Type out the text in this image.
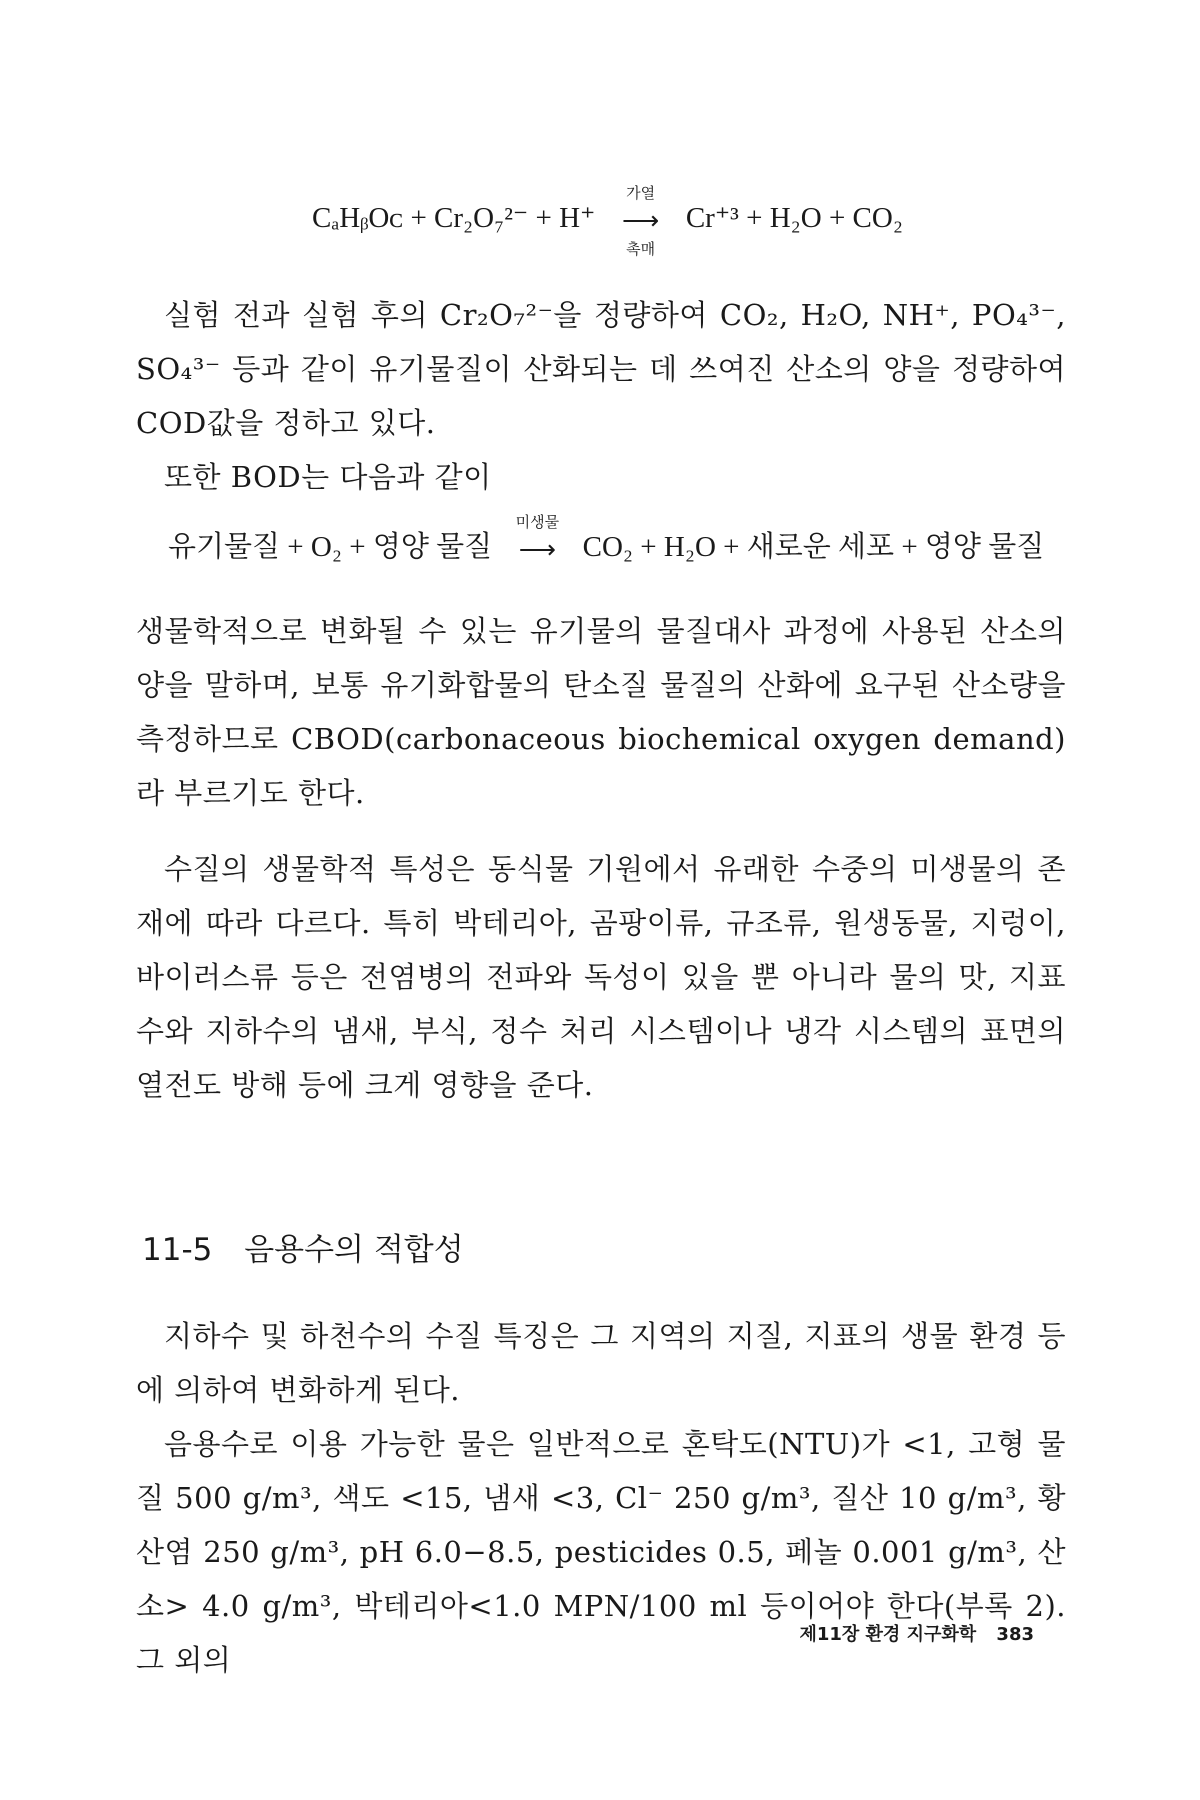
CₐHᵦOᴄ + Cr₂O₇²⁻ + H⁺
가열
⟶
촉매
Cr⁺³ + H₂O + CO₂

실험 전과 실험 후의 Cr₂O₇²⁻을 정량하여 CO₂, H₂O, NH⁺, PO₄³⁻, SO₄³⁻ 등과 같이 유기물질이 산화되는 데 쓰여진 산소의 양을 정량하여 COD값을 정하고 있다.

또한 BOD는 다음과 같이

유기물질 + O₂ + 영양 물질
미생물
⟶ CO₂ + H₂O + 새로운 세포 + 영양 물질

생물학적으로 변화될 수 있는 유기물의 물질대사 과정에 사용된 산소의 양을 말하며, 보통 유기화합물의 탄소질 물질의 산화에 요구된 산소량을 측정하므로 CBOD(carbonaceous biochemical oxygen demand)라 부르기도 한다.

수질의 생물학적 특성은 동식물 기원에서 유래한 수중의 미생물의 존재에 따라 다르다. 특히 박테리아, 곰팡이류, 규조류, 원생동물, 지렁이, 바이러스류 등은 전염병의 전파와 독성이 있을 뿐 아니라 물의 맛, 지표수와 지하수의 냄새, 부식, 정수 처리 시스템이나 냉각 시스템의 표면의 열전도 방해 등에 크게 영향을 준다.

11-5 음용수의 적합성

지하수 및 하천수의 수질 특징은 그 지역의 지질, 지표의 생물 환경 등에 의하여 변화하게 된다.

음용수로 이용 가능한 물은 일반적으로 혼탁도(NTU)가 <1, 고형 물질 500 g/m³, 색도 <15, 냄새 <3, Cl⁻ 250 g/m³, 질산 10 g/m³, 황산염 250 g/m³, pH 6.0−8.5, pesticides 0.5, 페놀 0.001 g/m³, 산소> 4.0 g/m³, 박테리아<1.0 MPN/100 ml 등이어야 한다(부록 2). 그 외의

제11장 환경 지구화학 383
